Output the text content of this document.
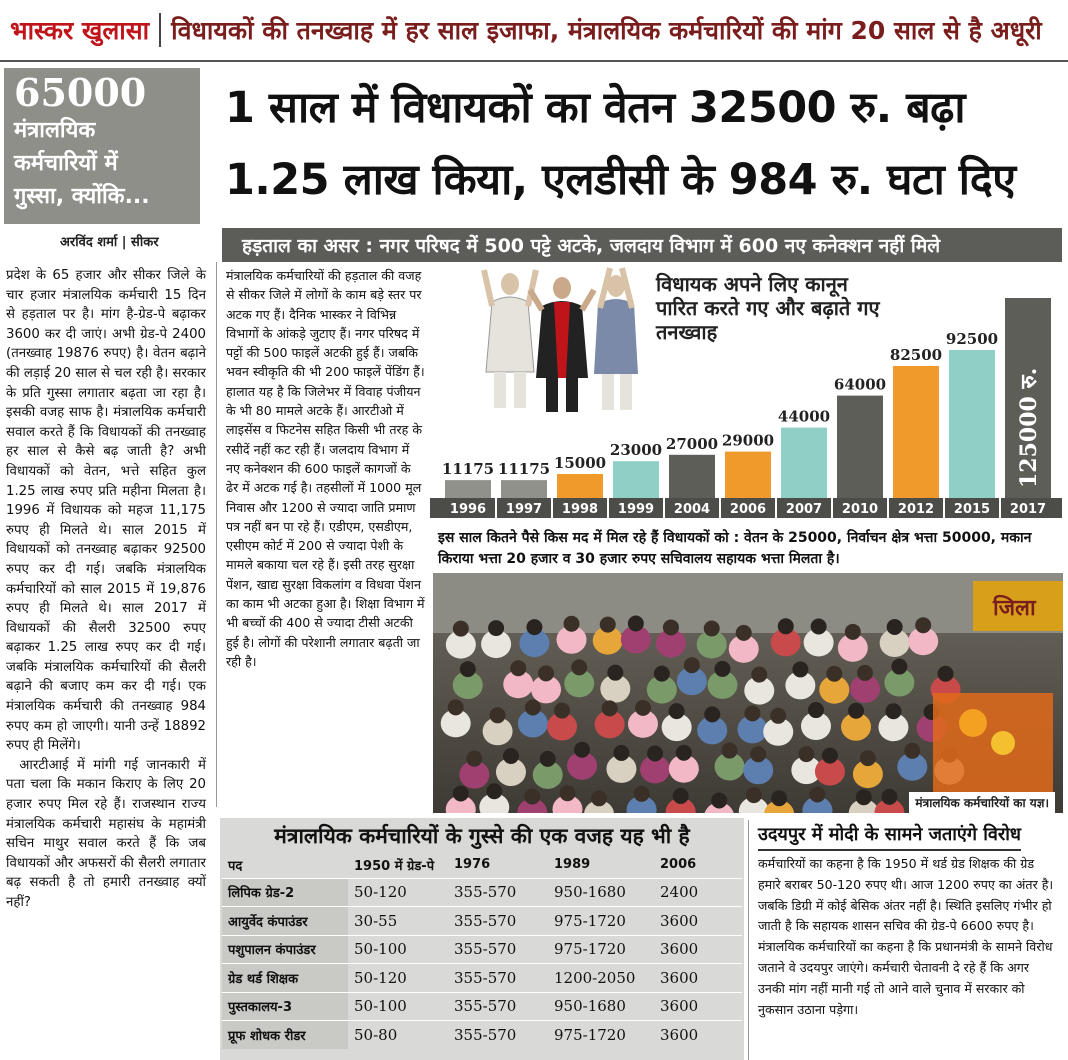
भास्कर खुलासा विधायकों की तनख्वाह में हर साल इजाफा, मंत्रालयिक कर्मचारियों की मांग 20 साल से है अधूरी
65000
मंत्रालयिक
कर्मचारियों में
गुस्सा, क्योंकि...
1 साल में विधायकों का वेतन 32500 रु. बढ़ा
1.25 लाख किया, एलडीसी के 984 रु. घटा दिए
अरविंद शर्मा | सीकर	हड़ताल का असर : नगर परिषद में 500 पट्टे अटके, जलदाय विभाग में 600 नए कनेक्शन नहीं मिले

प्रदेश के 65 हजार और सीकर जिले के चार हजार मंत्रालयिक कर्मचारी 15 दिन से हड़ताल पर है। मांग है-ग्रेड-पे बढ़ाकर 3600 कर दी जाएं। अभी ग्रेड-पे 2400 (तनख्वाह 19876 रुपए) है। वेतन बढ़ाने की लड़ाई 20 साल से चल रही है। सरकार के प्रति गुस्सा लगातार बढ़ता जा रहा है। इसकी वजह साफ है। मंत्रालयिक कर्मचारी सवाल करते हैं कि विधायकों की तनख्वाह हर साल से कैसे बढ़ जाती है? अभी विधायकों को वेतन, भत्ते सहित कुल 1.25 लाख रुपए प्रति महीना मिलता है। 1996 में विधायक को महज 11,175 रुपए ही मिलते थे। साल 2015 में विधायकों को तनख्वाह बढ़ाकर 92500 रुपए कर दी गई। जबकि मंत्रालयिक कर्मचारियों को साल 2015 में 19,876 रुपए ही मिलते थे। साल 2017 में विधायकों की सैलरी 32500 रुपए बढ़ाकर 1.25 लाख रुपए कर दी गई। जबकि मंत्रालयिक कर्मचारियों की सैलरी बढ़ाने की बजाए कम कर दी गई। एक मंत्रालयिक कर्मचारी की तनख्वाह 984 रुपए कम हो जाएगी। यानी उन्हें 18892 रुपए ही मिलेंगे।

आरटीआई में मांगी गई जानकारी में पता चला कि मकान किराए के लिए 20 हजार रुपए मिल रहे हैं। राजस्थान राज्य मंत्रालयिक कर्मचारी महासंघ के महामंत्री सचिन माथुर सवाल करते हैं कि जब विधायकों और अफसरों की सैलरी लगातार बढ़ सकती है तो हमारी तनख्वाह क्यों नहीं?

मंत्रालयिक कर्मचारियों की हड़ताल की वजह से सीकर जिले में लोगों के काम बड़े स्तर पर अटक गए हैं। दैनिक भास्कर ने विभिन्न विभागों के आंकड़े जुटाए हैं। नगर परिषद में पट्टों की 500 फाइलें अटकी हुई हैं। जबकि भवन स्वीकृति की भी 200 फाइलें पेंडिंग हैं। हालात यह है कि जिलेभर में विवाह पंजीयन के भी 80 मामले अटके हैं। आरटीओ में लाइसेंस व फिटनेस सहित किसी भी तरह के रसीदें नहीं कट रही हैं। जलदाय विभाग में नए कनेक्शन की 600 फाइलें कागजों के ढेर में अटक गई है। तहसीलों में 1000 मूल निवास और 1200 से ज्यादा जाति प्रमाण पत्र नहीं बन पा रहे हैं। एडीएम, एसडीएम, एसीएम कोर्ट में 200 से ज्यादा पेशी के मामले बकाया चल रहे हैं। इसी तरह सुरक्षा पेंशन, खाद्य सुरक्षा विकलांग व विधवा पेंशन का काम भी अटका हुआ है। शिक्षा विभाग में भी बच्चों की 400 से ज्यादा टीसी अटकी हुई है। लोगों की परेशानी लगातार बढ़ती जा रही है।
11175 11175 15000
23000 27000 29000
44000
64000
82500
92500
125000 रु.
1996 1997 1998 1999 2004 2006 2007 2010 2012 2015 2017
विधायक अपने लिए कानून पारित करते गए और बढ़ाते गए तनख्वाह
इस साल कितने पैसे किस मद में मिल रहे हैं विधायकों को : वेतन के 25000, निर्वाचन क्षेत्र भत्ता 50000, मकान किराया भत्ता 20 हजार व 30 हजार रुपए सचिवालय सहायक भत्ता मिलता है।
जिला
मंत्रालयिक कर्मचारियों का यज्ञ।
मंत्रालयिक कर्मचारियों के गुस्से की एक वजह यह भी है
पद	1950 में ग्रेड-पे	1976	1989	2006
लिपिक ग्रेड-2	50-120	355-570	950-1680	2400
आयुर्वेद कंपाउंडर	30-55	355-570	975-1720	3600
पशुपालन कंपाउंडर	50-100	355-570	975-1720	3600
ग्रेड थर्ड शिक्षक	50-120	355-570	1200-2050	3600
पुस्तकालय-3	50-100	355-570	950-1680	3600
प्रूफ शोधक रीडर	50-80	355-570	975-1720	3600
उदयपुर में मोदी के सामने जताएंगे विरोध
कर्मचारियों का कहना है कि 1950 में थर्ड ग्रेड शिक्षक की ग्रेड हमारे बराबर 50-120 रुपए थी। आज 1200 रुपए का अंतर है। जबकि डिग्री में कोई बेसिक अंतर नहीं है। स्थिति इसलिए गंभीर हो जाती है कि सहायक शासन सचिव की ग्रेड-पे 6600 रुपए है। मंत्रालयिक कर्मचारियों का कहना है कि प्रधानमंत्री के सामने विरोध जताने वे उदयपुर जाएंगे। कर्मचारी चेतावनी दे रहे हैं कि अगर उनकी मांग नहीं मानी गई तो आने वाले चुनाव में सरकार को नुकसान उठाना पड़ेगा।
